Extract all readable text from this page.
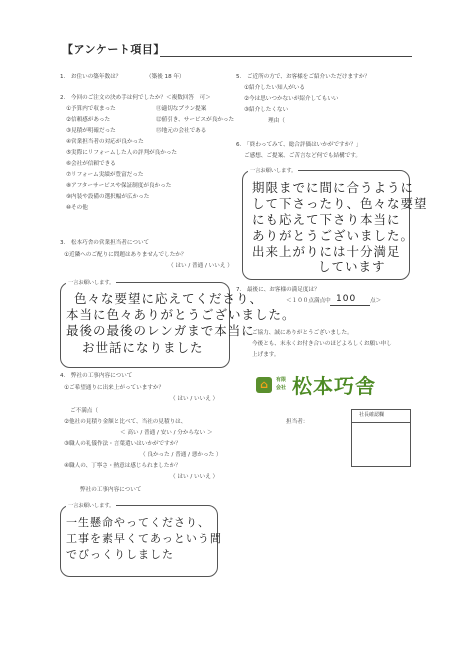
【アンケート項目】
1.　お住いの築年数は？	（築後 18 年）
2.　今回のご注文の決め手は何でしたか？＜複数回答　可＞
①予算内で収まった
②信頼感があった
③見積が明確だった
④営業担当者の対応が良かった
⑤実際にリフォームした人の評判が良かった
⑥会社が信頼できる
⑦リフォーム実績が豊富だった
⑧アフターサービスや保証制度が良かった
⑨内装や設備の選択幅が広かった
⑩その他
⑪適切なプラン提案
⑫値引き、サービスが良かった
⑬地元の会社である
3.　松本巧舎の営業担当者について
①近隣へのご配りに問題はありませんでしたか？
（ はい / 普通 / いいえ ）
一言お願いします。
色々な要望に応えてくださり、
本当に色々ありがとうございました。
最後の最後のレンガまで本当に
お世話になりました
4.　弊社の工事内容について
①ご希望通りに出来上がっていますか？
（ はい / いいえ ）
ご不満点（
②他社の見積り金額と比べて、当社の見積りは、
＜ 高い / 普通 / 安い / 分からない ＞
③職人の礼儀作法・言葉遣いはいかがですか？
（ 良かった / 普通 / 悪かった ）
④職人の、丁寧さ・熱意は感じられましたか？
（ はい / いいえ ）
弊社の工事内容について
一言お願いします。
一生懸命やってくださり、
工事を素早くてあっという間
でびっくりしました
5.　ご近所の方で、お客様をご紹介いただけますか？
①紹介したい知人がいる
②今は思いつかないが紹介してもいい
③紹介したくない
理由（
6.　「終わってみて、総合評価はいかがですか？」
ご感想、ご提案、ご苦言など何でも結構です。
一言お願いします。
期限までに間に合うように
して下さったり、色々な要望
にも応えて下さり本当に
ありがとうございました。
出来上がりには十分満足
しています
7.　最後に、お客様の満足度は？
＜１００点満点中 100 点＞
ご協力、誠にありがとうございました。
今後とも、末永くお付き合いのほどよろしくお願い申し
上げます。
⌂	有限
会社 松本巧舎
担当者：
社長確認欄
